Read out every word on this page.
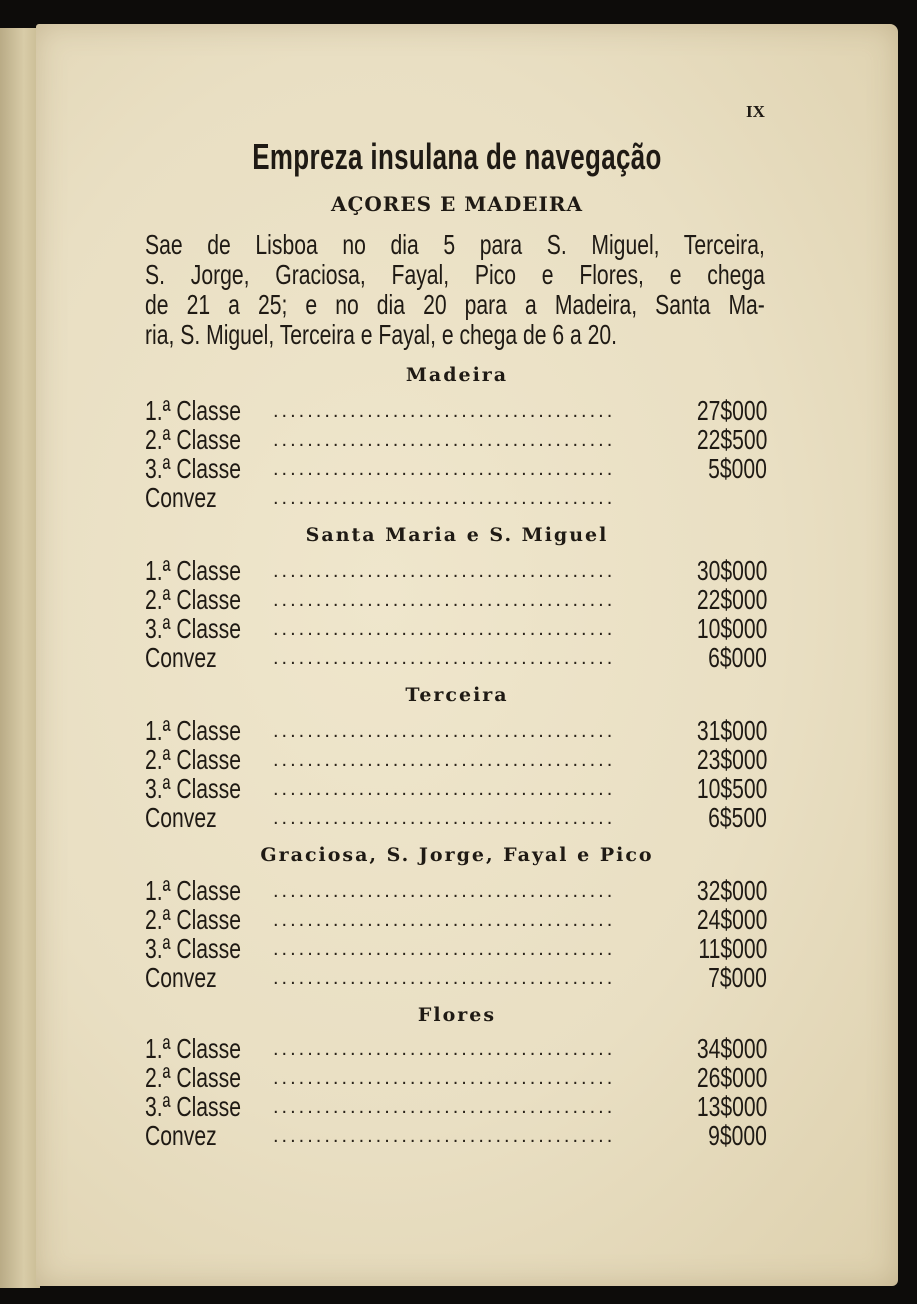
IX
Empreza insulana de navegação
AÇORES E MADEIRA
Sae de Lisboa no dia 5 para S. Miguel, Terceira,
S. Jorge, Graciosa, Fayal, Pico e Flores, e chega
de 21 a 25; e no dia 20 para a Madeira, Santa Ma-
ria, S. Miguel, Terceira e Fayal, e chega de 6 a 20.
Madeira
1.ª Classe ........................................	27$000
2.ª Classe ........................................	22$500
3.ª Classe ........................................	5$000
Convez	........................................
Santa Maria e S. Miguel
1.ª Classe ........................................	30$000
2.ª Classe ........................................	22$000
3.ª Classe ........................................	10$000
Convez	........................................	6$000
Terceira
1.ª Classe ........................................	31$000
2.ª Classe ........................................	23$000
3.ª Classe ........................................	10$500
Convez	........................................	6$500
Graciosa, S. Jorge, Fayal e Pico
1.ª Classe ........................................	32$000
2.ª Classe ........................................	24$000
3.ª Classe ........................................	11$000
Convez	........................................	7$000
Flores
1.ª Classe ........................................	34$000
2.ª Classe ........................................	26$000
3.ª Classe ........................................	13$000
Convez	........................................	9$000
